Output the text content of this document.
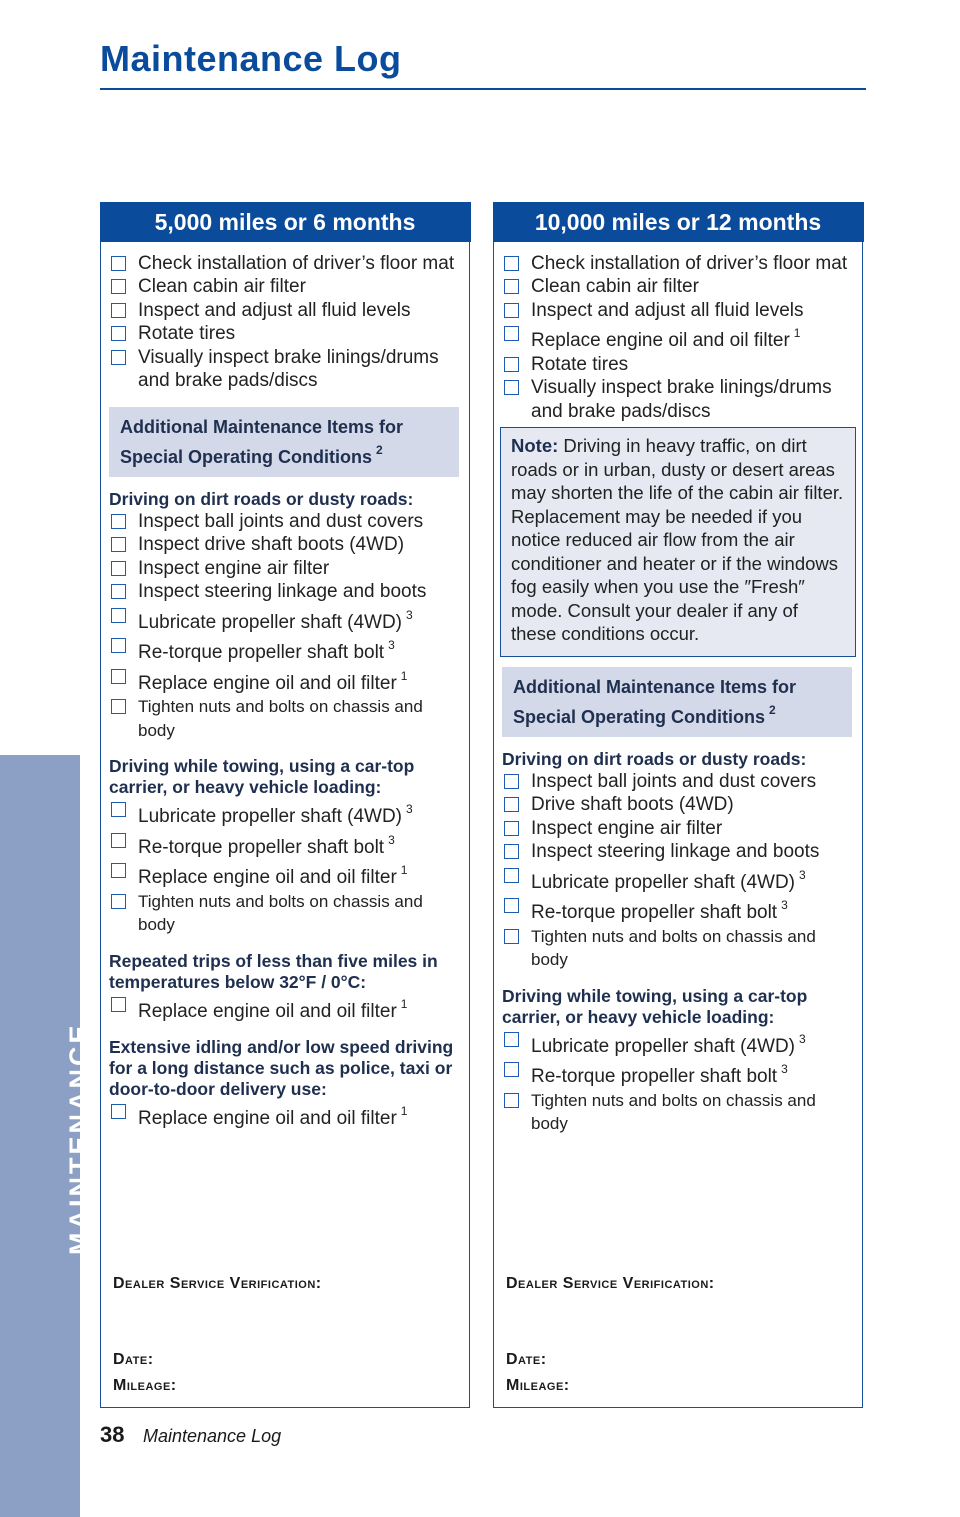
Maintenance Log
MAINTENANCE
5,000 miles or 6 months
Check installation of driver’s floor mat
Clean cabin air filter
Inspect and adjust all fluid levels
Rotate tires
Visually inspect brake linings/drums and brake pads/discs
Additional Maintenance Items for
Special Operating Conditions $^2$
Driving on dirt roads or dusty roads:
Inspect ball joints and dust covers
Inspect drive shaft boots (4WD)
Inspect engine air filter
Inspect steering linkage and boots
Lubricate propeller shaft (4WD) $^3$
Re-torque propeller shaft bolt $^3$
Replace engine oil and oil filter $^1$
Tighten nuts and bolts on chassis and body
Driving while towing, using a car-top carrier, or heavy vehicle loading:
Lubricate propeller shaft (4WD) $^3$
Re-torque propeller shaft bolt $^3$
Replace engine oil and oil filter $^1$
Tighten nuts and bolts on chassis and body
Repeated trips of less than five miles in temperatures below 32°F / 0°C:
Replace engine oil and oil filter $^1$
Extensive idling and/or low speed driving for a long distance such as police, taxi or door-to-door delivery use:
Replace engine oil and oil filter $^1$
Dealer Service Verification:
Date:
Mileage:
10,000 miles or 12 months
Check installation of driver’s floor mat
Clean cabin air filter
Inspect and adjust all fluid levels
Replace engine oil and oil filter $^1$
Rotate tires
Visually inspect brake linings/drums and brake pads/discs
Note: Driving in heavy traffic, on dirt roads or in urban, dusty or desert areas may shorten the life of the cabin air filter. Replacement may be needed if you notice reduced air flow from the air conditioner and heater or if the windows fog easily when you use the ″Fresh″ mode. Consult your dealer if any of these conditions occur.
Additional Maintenance Items for
Special Operating Conditions $^2$
Driving on dirt roads or dusty roads:
Inspect ball joints and dust covers
Drive shaft boots (4WD)
Inspect engine air filter
Inspect steering linkage and boots
Lubricate propeller shaft (4WD) $^3$
Re-torque propeller shaft bolt $^3$
Tighten nuts and bolts on chassis and body
Driving while towing, using a car-top carrier, or heavy vehicle loading:
Lubricate propeller shaft (4WD) $^3$
Re-torque propeller shaft bolt $^3$
Tighten nuts and bolts on chassis and body
Dealer Service Verification:
Date:
Mileage:
38 Maintenance Log
